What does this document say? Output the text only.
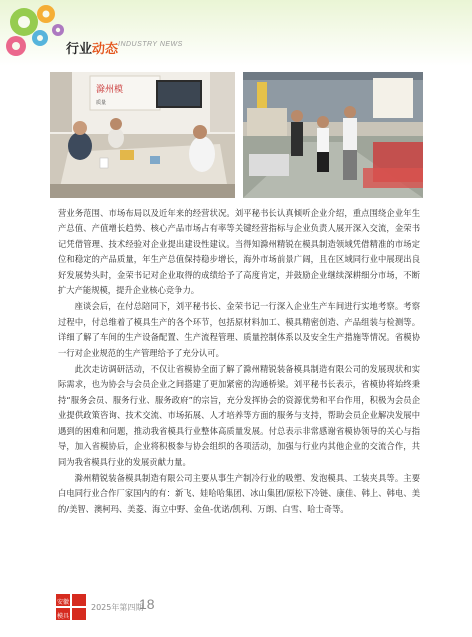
行业动态 INDUSTRY NEWS
滁州模
质量

营业务范围、市场布局以及近年来的经营状况。刘平秘书长认真倾听企业介绍，重点围绕企业年生产总值、产值增长趋势、核心产品市场占有率等关键经营指标与企业负责人展开深入交流，金荣书记凭借管理、技术经验对企业提出建设性建议。当得知滁州精锐在模具制造领域凭借精准的市场定位和稳定的产品质量，年生产总值保持稳步增长，海外市场前景广阔，且在区域同行业中展现出良好发展势头时，金荣书记对企业取得的成绩给予了高度肯定，并鼓励企业继续深耕细分市场，不断扩大产能规模，提升企业核心竞争力。

座谈会后，在付总陪同下，刘平秘书长、金荣书记一行深入企业生产车间进行实地考察。考察过程中，付总维着了模具生产的各个环节，包括原材料加工、模具精密创造、产品组装与检测等。详细了解了车间的生产设备配置、生产流程管理、质量控制体系以及安全生产措施等情况。省模协一行对企业规范的生产管理给予了充分认可。

此次走访调研活动，不仅让省模协全面了解了滁州精锐装备模具制造有限公司的发展现状和实际需求，也为协会与会员企业之间搭建了更加紧密的沟通桥梁。刘平秘书长表示，省模协将始终秉持“服务会员、服务行业、服务政府”的宗旨，充分发挥协会的资源优势和平台作用，积极为会员企业提供政策咨询、技术交流、市场拓展、人才培养等方面的服务与支持，帮助会员企业解决发展中遇到的困难和问题，推动我省模具行业整体高质量发展。付总表示非常感谢省模协领导的关心与指导，加入省模协后，企业将积极参与协会组织的各项活动，加强与行业内其他企业的交流合作，共同为我省模具行业的发展贡献力量。

滁州精锐装备模具制造有限公司主要从事生产制冷行业的吸塑、发泡模具、工装夹具等。主要白电同行业合作厂家国内的有：新飞、娃哈哈集团、冰山集团/原松下冷链、康佳、韩上、韩电、美的/美智、澳柯玛、美菱、海立中野、金鱼-优诺/凯利、万朗、白雪、哈士奇等。

安徽
模具
2025年第四期
18
